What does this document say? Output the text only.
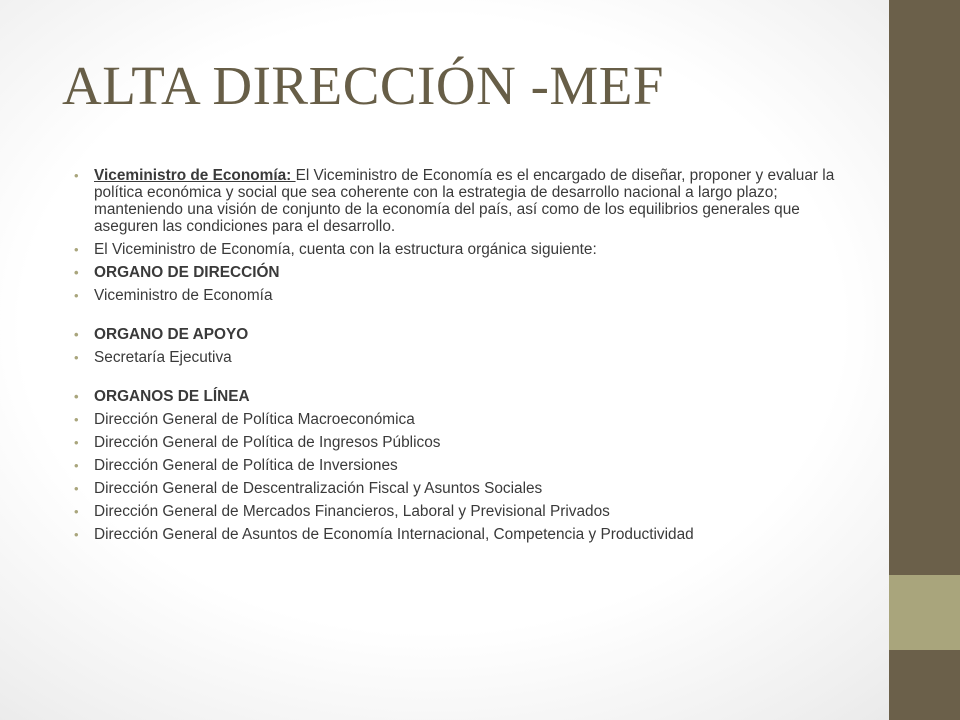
ALTA DIRECCIÓN -MEF
• Viceministro de Economía: El Viceministro de Economía es el encargado de diseñar, proponer y evaluar la política económica y social que sea coherente con la estrategia de desarrollo nacional a largo plazo; manteniendo una visión de conjunto de la economía del país, así como de los equilibrios generales que aseguren las condiciones para el desarrollo.
• El Viceministro de Economía, cuenta con la estructura orgánica siguiente:
• ORGANO DE DIRECCIÓN
• Viceministro de Economía
• ORGANO DE APOYO
• Secretaría Ejecutiva
• ORGANOS DE LÍNEA
• Dirección General de Política Macroeconómica
• Dirección General de Política de Ingresos Públicos
• Dirección General de Política de Inversiones
• Dirección General de Descentralización Fiscal y Asuntos Sociales
• Dirección General de Mercados Financieros, Laboral y Previsional Privados
• Dirección General de Asuntos de Economía Internacional, Competencia y Productividad
